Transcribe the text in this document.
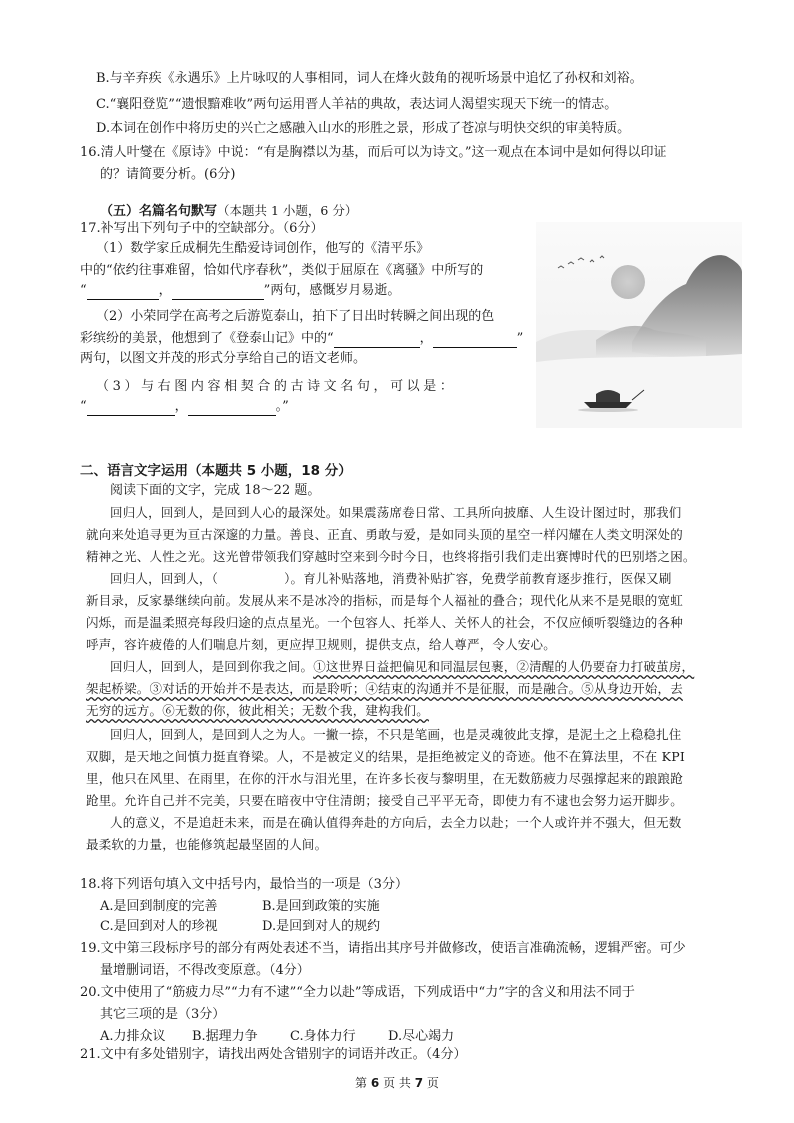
B.与辛弃疾《永遇乐》上片咏叹的人事相同，词人在烽火鼓角的视听场景中追忆了孙权和刘裕。
C.“襄阳登览”“遗恨黯难收”两句运用晋人羊祜的典故，表达词人渴望实现天下统一的情志。
D.本词在创作中将历史的兴亡之感融入山水的形胜之景，形成了苍凉与明快交织的审美特质。
16.清人叶燮在《原诗》中说：“有是胸襟以为基，而后可以为诗文。”这一观点在本词中是如何得以印证
的？请简要分析。(6分)
（五）名篇名句默写（本题共 1 小题，6 分）
17.补写出下列句子中的空缺部分。（6分）
（1）数学家丘成桐先生酷爱诗词创作，他写的《清平乐》
中的“依约往事难留，恰如代序春秋”，类似于屈原在《离骚》中所写的
“	，	”两句，感慨岁月易逝。
（2）小荣同学在高考之后游览泰山，拍下了日出时转瞬之间出现的色
彩缤纷的美景，他想到了《登泰山记》中的“	，	”
两句，以图文并茂的形式分享给自己的语文老师。
（3）与右图内容相契合的古诗文名句，可以是：
“	，	。”
二、语言文字运用（本题共 5 小题，18 分）
阅读下面的文字，完成 18～22 题。
回归人，回到人，是回到人心的最深处。如果震荡席卷日常、工具所向披靡、人生设计图过时，那我们
就向来处追寻更为亘古深邃的力量。善良、正直、勇敢与爱，是如同头顶的星空一样闪耀在人类文明深处的
精神之光、人性之光。这光曾带领我们穿越时空来到今时今日，也终将指引我们走出赛博时代的巴别塔之困。
回归人，回到人，（	）。育儿补贴落地，消费补贴扩容，免费学前教育逐步推行，医保又刷
新目录，反家暴继续向前。发展从来不是冰冷的指标，而是每个人福祉的叠合；现代化从来不是晃眼的宽虹
闪烁，而是温柔照亮每段归途的点点星光。一个包容人、托举人、关怀人的社会，不仅应倾听裂缝边的各种
呼声，容许疲倦的人们喘息片刻，更应捍卫规则，提供支点，给人尊严，令人安心。
回归人，回到人，是回到你我之间。①这世界日益把偏见和同温层包裹，②清醒的人仍要奋力打破茧房，
架起桥梁。③对话的开始并不是表达，而是聆听；④结束的沟通并不是征服，而是融合。⑤从身边开始，去
无穷的远方。⑥无数的你，彼此相关；无数个我，建构我们。
回归人，回到人，是回到人之为人。一撇一捺，不只是笔画，也是灵魂彼此支撑，是泥土之上稳稳扎住
双脚，是天地之间慎力挺直脊梁。人，不是被定义的结果，是拒绝被定义的奇迹。他不在算法里，不在 KPI
里，他只在风里、在雨里，在你的汗水与泪光里，在许多长夜与黎明里，在无数筋疲力尽强撑起来的踉踉跄
跄里。允许自己并不完美，只要在暗夜中守住清朗；接受自己平平无奇，即使力有不逮也会努力运开脚步。
人的意义，不是追赶未来，而是在确认值得奔赴的方向后，去全力以赴；一个人或许并不强大，但无数
最柔软的力量，也能修筑起最坚固的人间。
18.将下列语句填入文中括号内，最恰当的一项是（3分）
A.是回到制度的完善	B.是回到政策的实施
C.是回到对人的珍视	D.是回到对人的规约
19.文中第三段标序号的部分有两处表述不当，请指出其序号并做修改，使语言准确流畅，逻辑严密。可少
量增删词语，不得改变原意。（4分）
20.文中使用了“筋疲力尽”“力有不逮”“全力以赴”等成语，下列成语中“力”字的含义和用法不同于
其它三项的是（3分）
A.力排众议 B.据理力争 C.身体力行 D.尽心竭力
第 6 页 共 7 页
21.文中有多处错别字，请找出两处含错别字的词语并改正。（4分）
